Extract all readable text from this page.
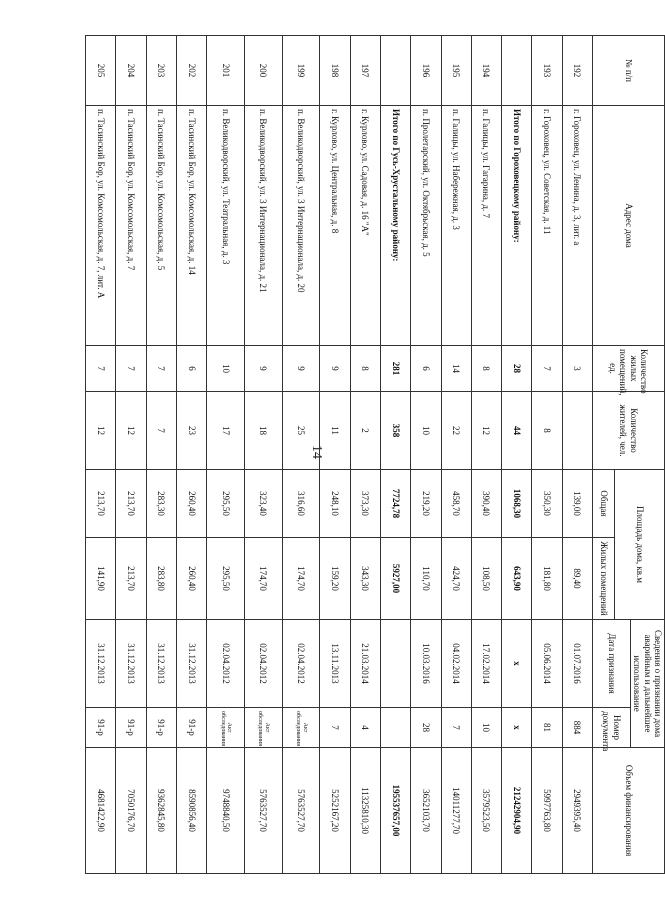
14
№ п/п	Адрес дома	Количество жилых помещений, ед.	Количество жителей, чел.	Площадь дома, кв.м		Сведения о признании дома аварийным и дальнейшее использование		Объем финансирования
						Дата признания	Номер документа	
				Общая	Жилых помещений			
192	г. Гороховец, ул. Ленина, д. 3, лит. а	3		139,00	89,40	01.07.2016	884	2949395,40
193	г. Гороховец, ул. Советская, д. 11	7	8	350,30	181,80	05.06.2014	81	5997763,80
	Итого по Гороховецкому району:	28	44	1068,30	643,90	х	х	21242904,90
194	п. Галицы, ул. Гагарина, д. 7	8	12	390,40	108,50	17.02.2014	10	3579523,50
195	п. Галицы, ул. Набережная, д. 3	14	22	458,70	424,70	04.02.2014	7	14011277,70
196	п. Пролетарский, ул. Октябрьская, д. 5	6	10	219,20	110,70	10.03.2016	28	3652103,70
	Итого по Гусь-Хрустальному району:	281	358	7724,78	5927,00			195537657,00
197	г. Курлово, ул. Садовая, д. 16 "А"	8	2	373,30	343,30	21.03.2014	4	11325810,30
198	г. Курлово, ул. Центральная, д. 8	9	11	248,10	159,20	13.11.2013	7	5252167,20
199	п. Великодворский, ул. 3 Интернационала, д. 20	9	25	316,60	174,70	02.04.2012	Акт обследования	5763527,70
200	п. Великодворский, ул. 3 Интернационала, д. 21	9	18	323,40	174,70	02.04.2012	Акт обследования	5763527,70
201	п. Великодворский, ул. Театральная, д. 3	10	17	295,50	295,50	02.04.2012	Акт обследования	9748840,50
202	п. Тасинский Бор, ул. Комсомольская, д. 14	6	23	260,40	260,40	31.12.2013	91-р	8590856,40
203	п. Тасинский Бор, ул. Комсомольская, д. 5	7	7	283,30	283,80	31.12.2013	91-р	9362845,80
204	п. Тасинский Бор, ул. Комсомольская, д. 7	7	12	213,70	213,70	31.12.2013	91-р	7050176,70
205	п. Тасинский Бор, ул. Комсомольская, д. 7, лит. А	7	12	213,70	141,90	31.12.2013	91-р	4681422,90
